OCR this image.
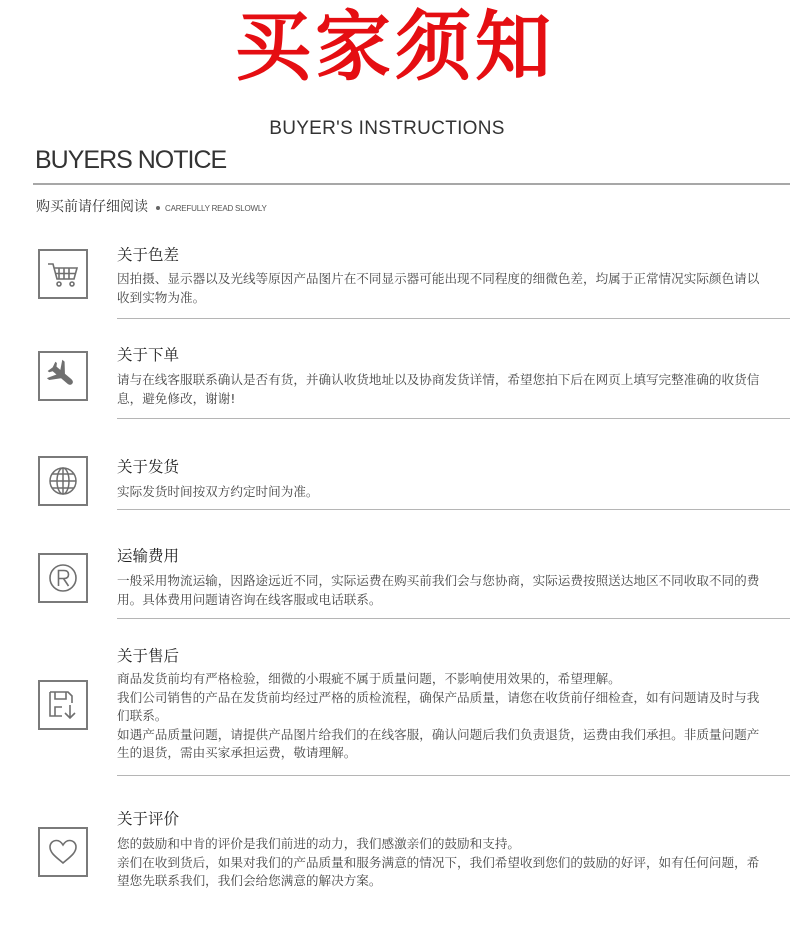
买家须知
BUYER'S INSTRUCTIONS
BUYERS NOTICE
购买前请仔细阅读 CAREFULLY READ SLOWLY
关于色差

因拍摄、显示器以及光线等原因产品图片在不同显示器可能出现不同程度的细微色差，均属于正常情况实际颜色请以收到实物为准。

关于下单

请与在线客服联系确认是否有货，并确认收货地址以及协商发货详情，希望您拍下后在网页上填写完整准确的收货信息，避免修改，谢谢!

关于发货

实际发货时间按双方约定时间为准。

运输费用

一般采用物流运输，因路途远近不同，实际运费在购买前我们会与您协商，实际运费按照送达地区不同收取不同的费用。具体费用问题请咨询在线客服或电话联系。

关于售后

商品发货前均有严格检验，细微的小瑕疵不属于质量问题，不影响使用效果的，希望理解。

我们公司销售的产品在发货前均经过严格的质检流程，确保产品质量，请您在收货前仔细检查，如有问题请及时与我们联系。

如遇产品质量问题，请提供产品图片给我们的在线客服，确认问题后我们负责退货，运费由我们承担。非质量问题产生的退货，需由买家承担运费，敬请理解。

关于评价

您的鼓励和中肯的评价是我们前进的动力，我们感激亲们的鼓励和支持。

亲们在收到货后，如果对我们的产品质量和服务满意的情况下，我们希望收到您们的鼓励的好评，如有任何问题，希望您先联系我们，我们会给您满意的解决方案。
